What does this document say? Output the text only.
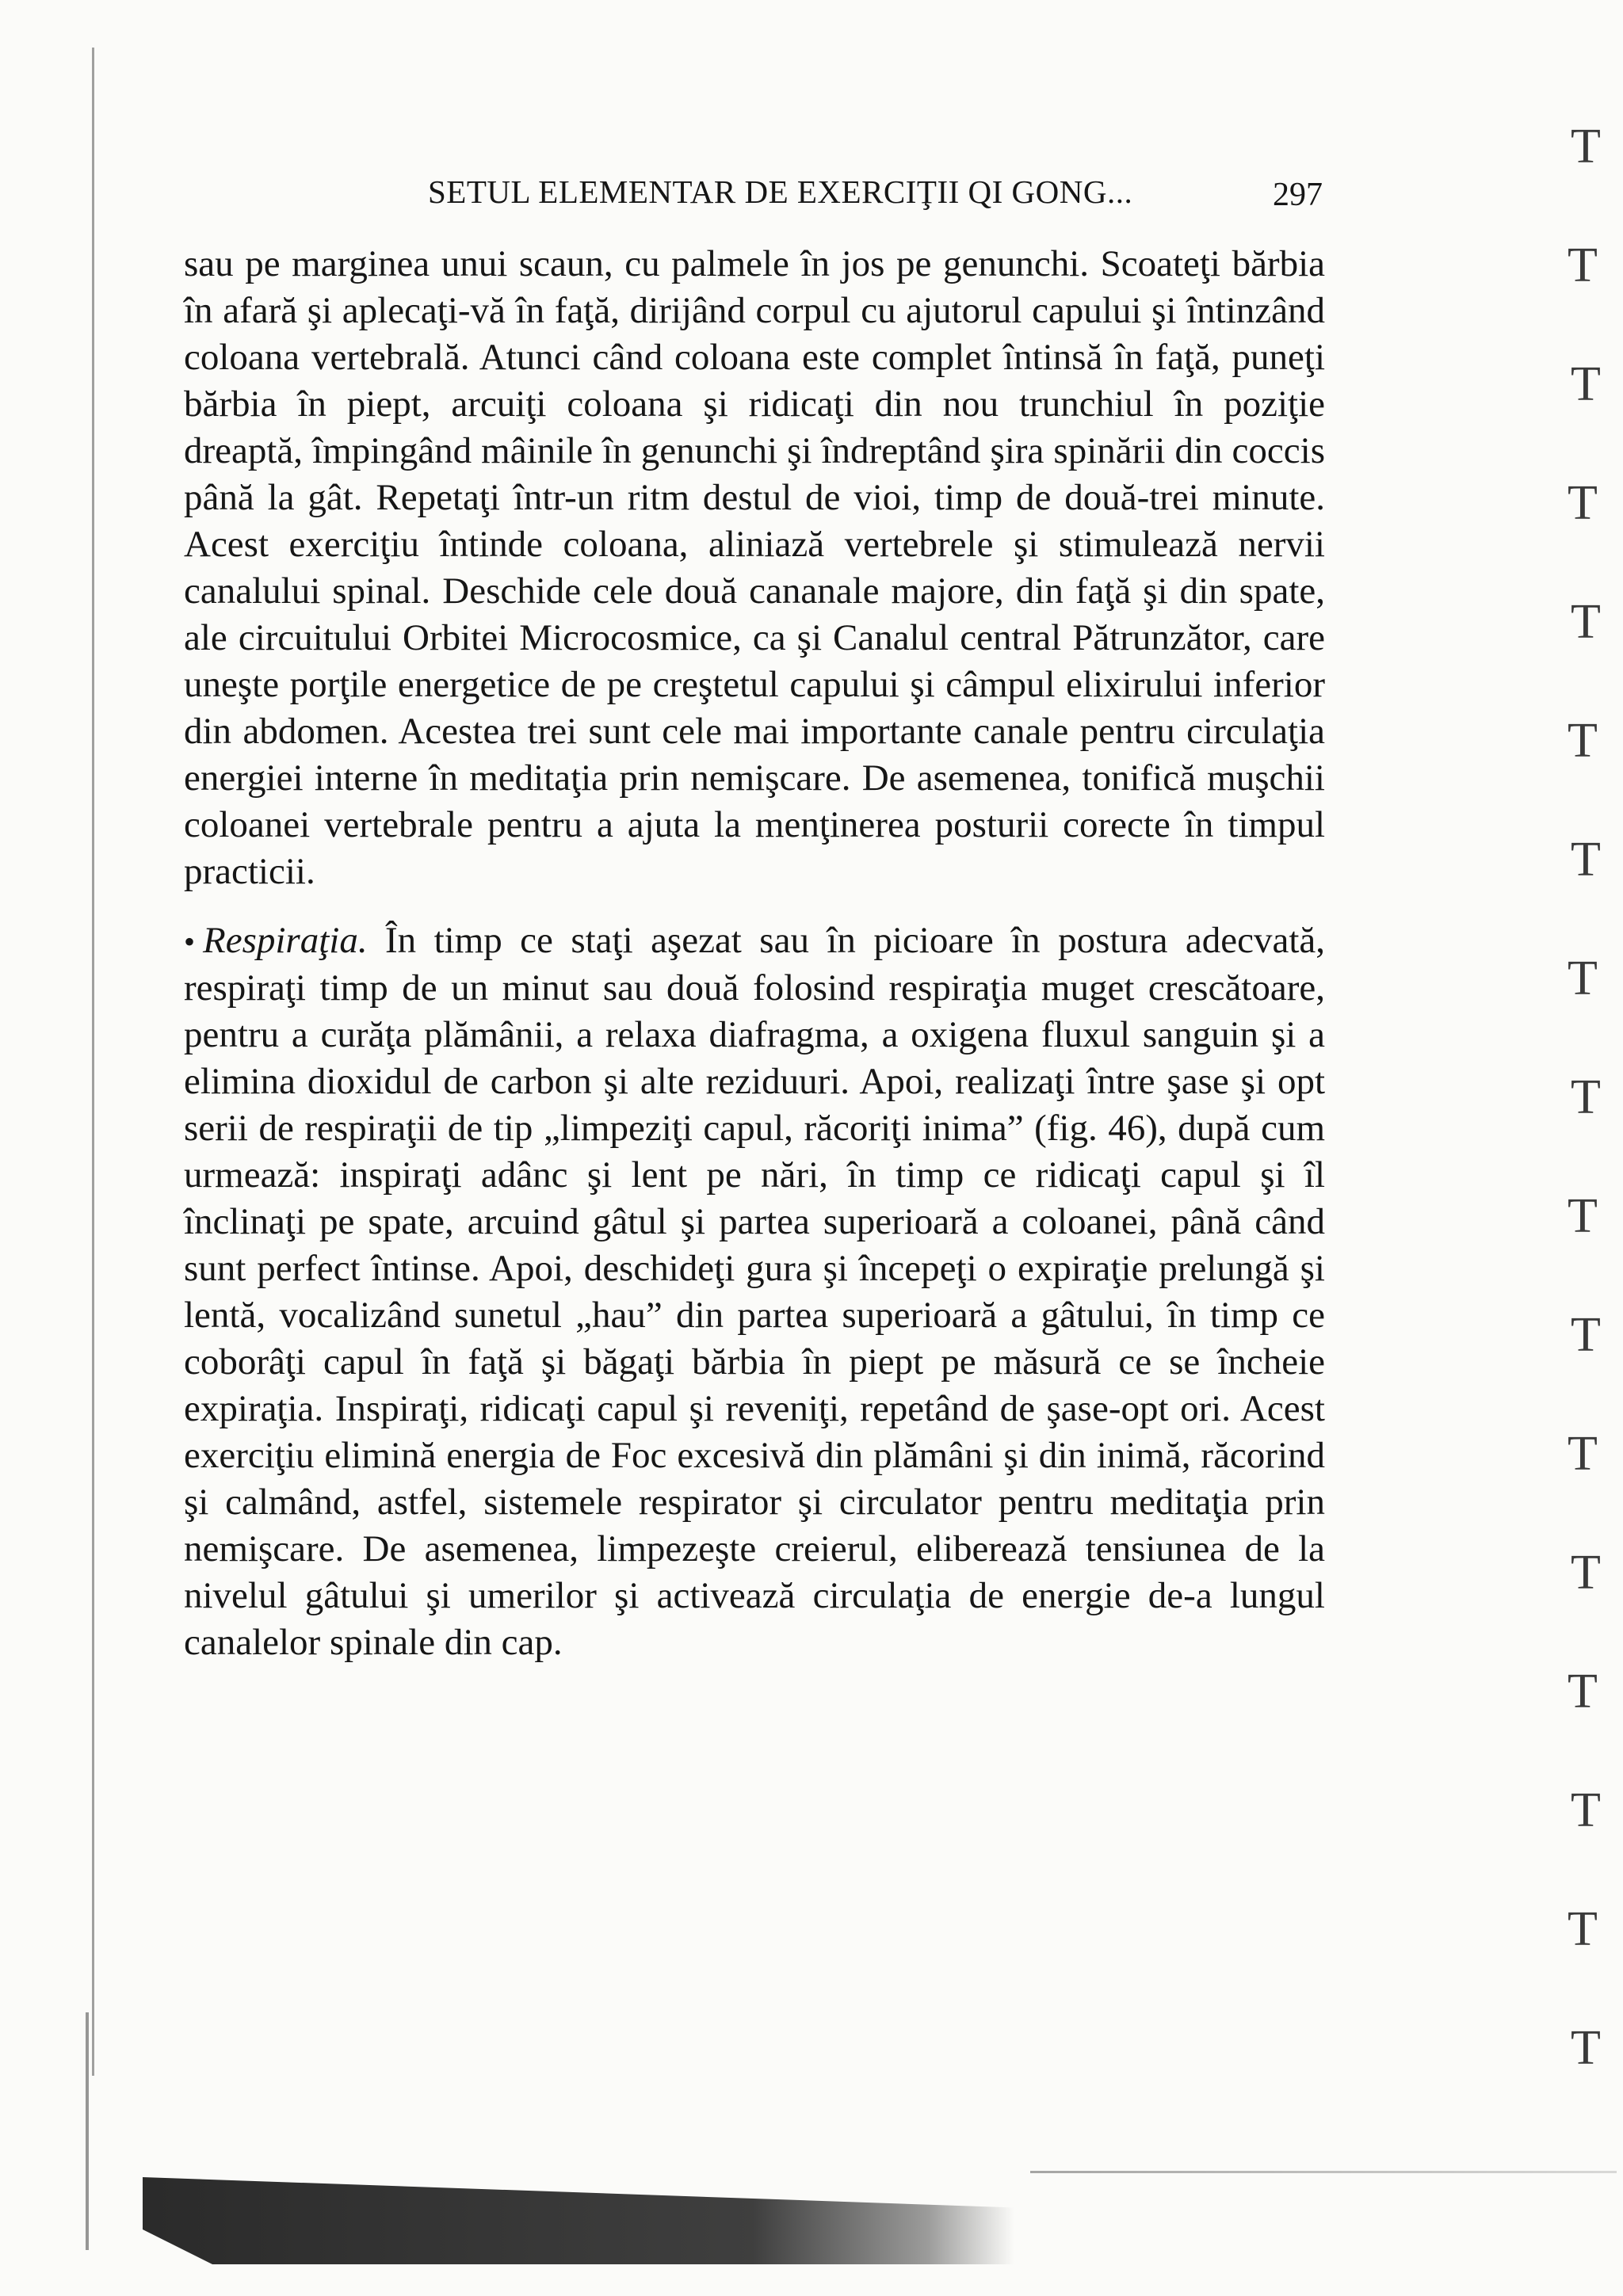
SETUL ELEMENTAR DE EXERCIŢII QI GONG...	297

sau pe marginea unui scaun, cu palmele în jos pe genunchi. Scoateţi bărbia în afară şi aplecaţi-vă în faţă, dirijând corpul cu ajutorul capului şi întinzând coloana vertebrală. Atunci când coloana este complet întinsă în faţă, puneţi bărbia în piept, arcuiţi coloana şi ridicaţi din nou trunchiul în poziţie dreaptă, împingând mâinile în genunchi şi îndreptând şira spinării din coccis până la gât. Repetaţi într-un ritm destul de vioi, timp de două-trei minute. Acest exerciţiu întinde coloana, aliniază vertebrele şi stimulează nervii canalului spinal. Deschide cele două cananale majore, din faţă şi din spate, ale circuitului Orbitei Microcosmice, ca şi Canalul central Pătrunzător, care uneşte porţile energetice de pe creştetul capului şi câmpul elixirului inferior din abdomen. Acestea trei sunt cele mai importante canale pentru circulaţia energiei interne în meditaţia prin nemişcare. De asemenea, tonifică muşchii coloanei vertebrale pentru a ajuta la menţinerea posturii corecte în timpul practicii.

• Respiraţia. În timp ce staţi aşezat sau în picioare în postura adecvată, respiraţi timp de un minut sau două folosind respiraţia muget crescătoare, pentru a curăţa plămânii, a relaxa diafragma, a oxigena fluxul sanguin şi a elimina dioxidul de carbon şi alte reziduuri. Apoi, realizaţi între şase şi opt serii de respiraţii de tip „limpeziţi capul, răcoriţi inima” (fig. 46), după cum urmează: inspiraţi adânc şi lent pe nări, în timp ce ridicaţi capul şi îl înclinaţi pe spate, arcuind gâtul şi partea superioară a coloanei, până când sunt perfect întinse. Apoi, deschideţi gura şi începeţi o expiraţie prelungă şi lentă, vocalizând sunetul „hau” din partea superioară a gâtului, în timp ce coborâţi capul în faţă şi băgaţi bărbia în piept pe măsură ce se încheie expiraţia. Inspiraţi, ridicaţi capul şi reveniţi, repetând de şase-opt ori. Acest exerciţiu elimină energia de Foc excesivă din plămâni şi din inimă, răcorind şi calmând, astfel, sistemele respirator şi circulator pentru meditaţia prin nemişcare. De asemenea, limpezeşte creierul, eliberează tensiunea de la nivelul gâtului şi umerilor şi activează circulaţia de energie de-a lungul canalelor spinale din cap.

T
T
T
T
T
T
T
T
T
T
T
T
T
T
T
T
T
